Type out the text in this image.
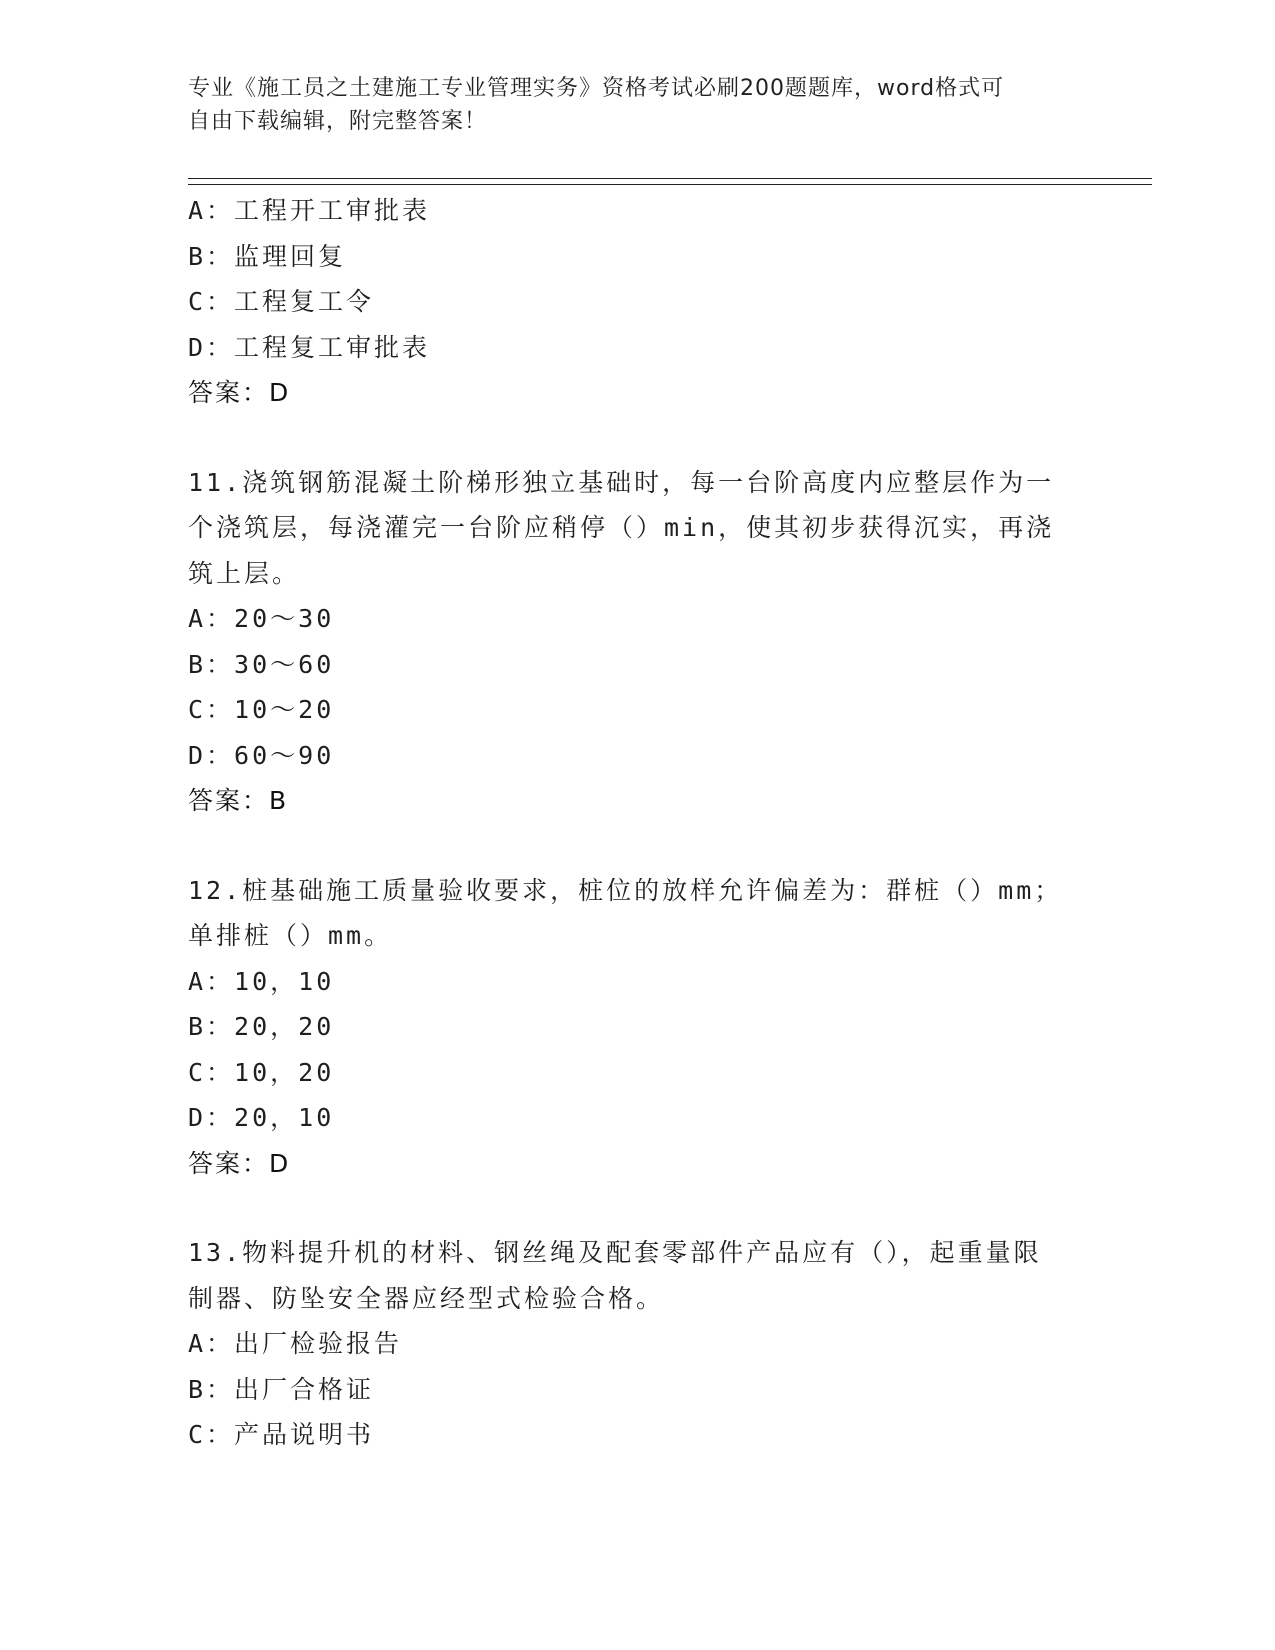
专业《施工员之土建施工专业管理实务》资格考试必刷200题题库，word格式可
自由下载编辑，附完整答案！
A：工程开工审批表
B：监理回复
C：工程复工令
D：工程复工审批表
答案：D
11.浇筑钢筋混凝土阶梯形独立基础时，每一台阶高度内应整层作为一
个浇筑层，每浇灌完一台阶应稍停（）min，使其初步获得沉实，再浇
筑上层。
A：20～30
B：30～60
C：10～20
D：60～90
答案：B
12.桩基础施工质量验收要求，桩位的放样允许偏差为：群桩（）mm；
单排桩（）mm。
A：10，10
B：20，20
C：10，20
D：20，10
答案：D
13.物料提升机的材料、钢丝绳及配套零部件产品应有（），起重量限
制器、防坠安全器应经型式检验合格。
A：出厂检验报告
B：出厂合格证
C：产品说明书
